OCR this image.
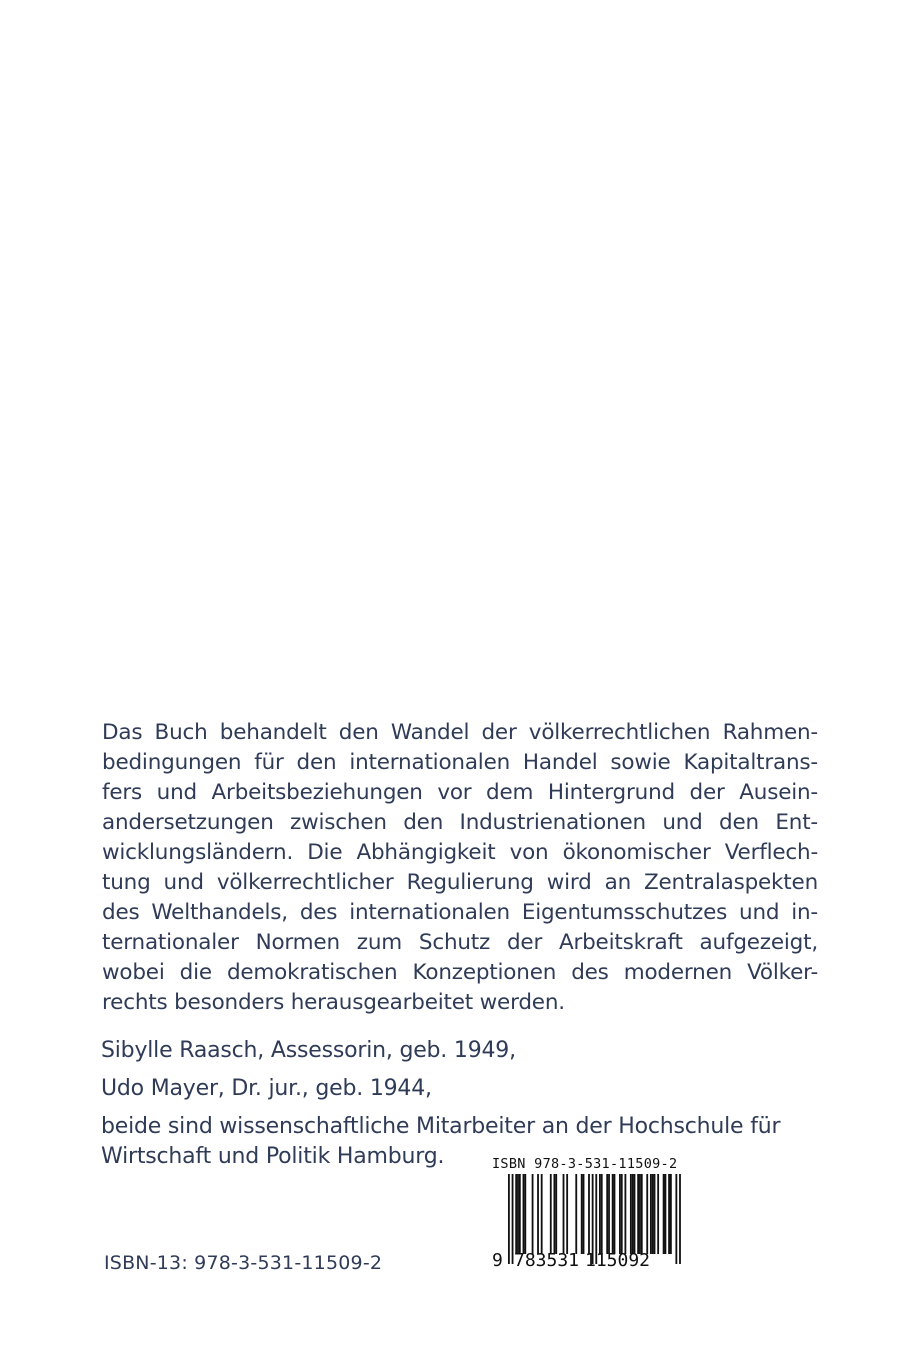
Das Buch behandelt den Wandel der völkerrechtlichen Rahmen-
bedingungen für den internationalen Handel sowie Kapitaltrans-
fers und Arbeitsbeziehungen vor dem Hintergrund der Ausein-
andersetzungen zwischen den Industrienationen und den Ent-
wicklungsländern. Die Abhängigkeit von ökonomischer Verflech-
tung und völkerrechtlicher Regulierung wird an Zentralaspekten
des Welthandels, des internationalen Eigentumsschutzes und in-
ternationaler Normen zum Schutz der Arbeitskraft aufgezeigt,
wobei die demokratischen Konzeptionen des modernen Völker-
rechts besonders herausgearbeitet werden.
Sibylle Raasch, Assessorin, geb. 1949,
Udo Mayer, Dr. jur., geb. 1944,
beide sind wissenschaftliche Mitarbeiter an der Hochschule für
Wirtschaft und Politik Hamburg.
ISBN-13: 978-3-531-11509-2
ISBN 978-3-531-11509-2
9 783531 115092
